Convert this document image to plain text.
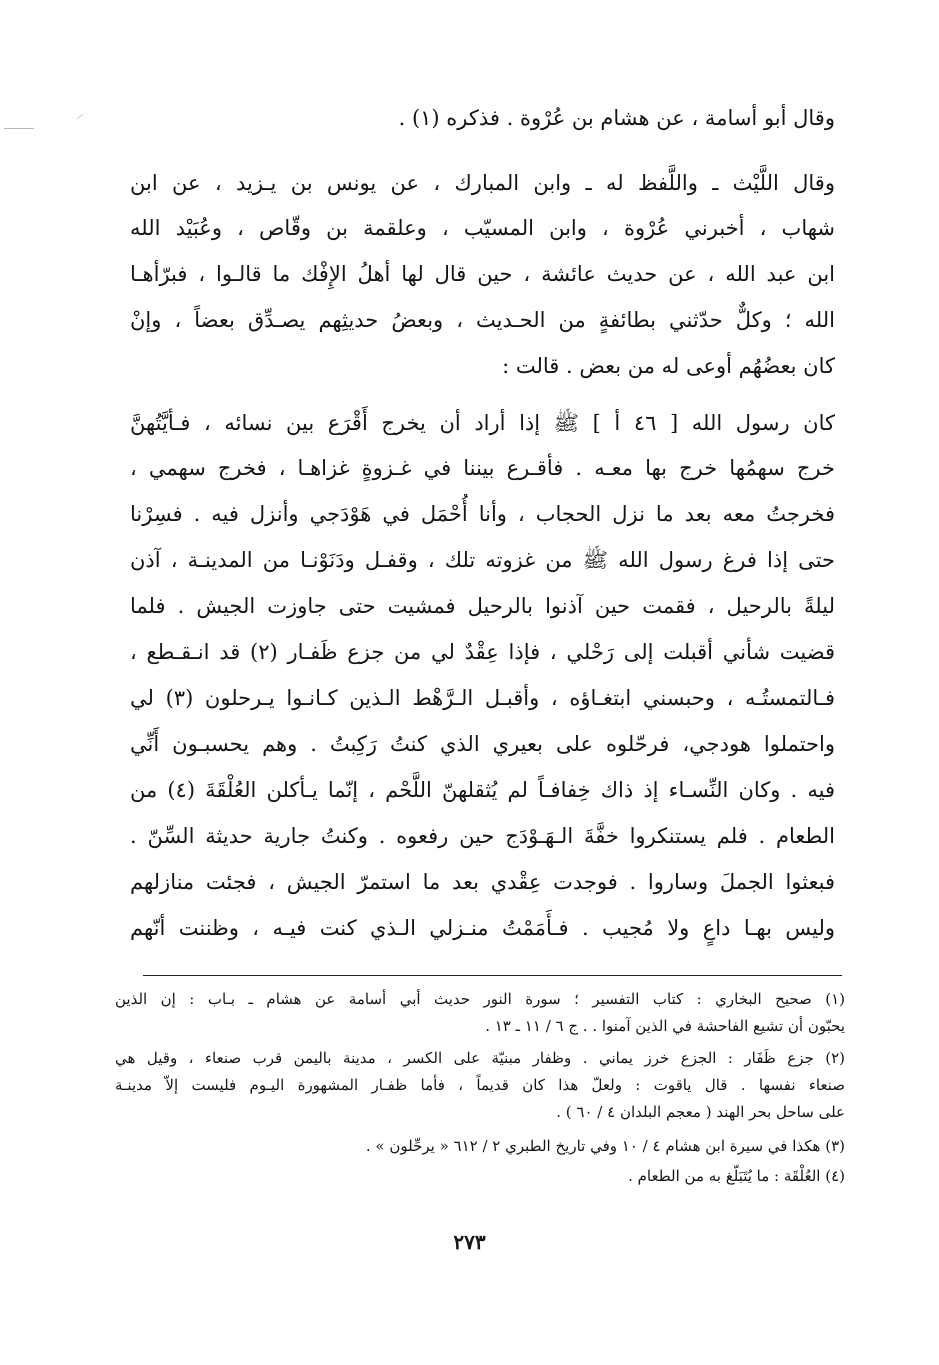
وقال أبو أسامة ، عن هشام بن عُرْوة . فذكره (١) .
وقال اللَّيْث ـ واللَّفظ له ـ وابن المبارك ، عن يونس بن يـزيد ، عن ابن
شهاب ، أخبرني عُرْوة ، وابن المسيّب ، وعلقمة بن وقّاص ، وعُبَيْد الله
ابن عبد الله ، عن حديث عائشة ، حين قال لها أهلُ الإِفْك ما قالـوا ، فبرّأهـا
الله ؛ وكلٌّ حدّثني بطائفةٍ من الحـديث ، وبعضُ حديثِهم يصـدِّق بعضاً ، وإنْ
كان بعضُهُم أوعى له من بعض . قالت :
كان رسول الله [ ٤٦ أ ] ﷺ إذا أراد أن يخرج أَقْرَع بين نسائه ، فـأيَّتُهنَّ
خرج سهمُها خرج بها معـه . فأقـرع بيننا في غـزوةٍ غزاهـا ، فخرج سهمي ،
فخرجتُ معه بعد ما نزل الحجاب ، وأنا أُحْمَل في هَوْدَجي وأنزل فيه . فسِرْنا
حتى إذا فرغ رسول الله ﷺ من غزوته تلك ، وقفـل ودَنَوْنـا من المدينـة ، آذن
ليلةً بالرحيل ، فقمت حين آذنوا بالرحيل فمشيت حتى جاوزت الجيش . فلما
قضيت شأني أقبلت إلى رَحْلي ، فإذا عِقْدٌ لي من جزع ظَفـار (٢) قد انـقـطع ،
فـالتمستُـه ، وحبسني ابتغـاؤه ، وأقبـل الـرَّهْط الـذين كـانـوا يـرحلون (٣) لي
واحتملوا هودجي، فرحّلوه على بعيري الذي كنتُ رَكِبتُ . وهم يحسبـون أَنِّي
فيه . وكان النِّسـاء إذ ذاك خِفافـاً لم يُثقلهنّ اللَّحْم ، إنّما يـأكلن العُلْقَةَ (٤) من
الطعام . فلم يستنكروا خفَّةَ الـهَـوْدَج حين رفعوه . وكنتُ جارية حديثة السِّنّ .
فبعثوا الجملَ وساروا . فوجدت عِقْدي بعد ما استمرّ الجيش ، فجئت منازلهم
وليس بهـا داعٍ ولا مُجيب . فـأَمَمْتُ منـزلي الـذي كنت فيـه ، وظننت أنّهم
(١) صحيح البخاري : كتاب التفسير ؛ سورة النور حديث أبي أسامة عن هشام ـ بـاب : إن الذين
يحبّون أن تشيع الفاحشة في الذين آمنوا . . ج ٦ / ١١ ـ ١٣ .
(٢) جزع ظَفَار : الجزع خرز يماني . وظفار مبنيّة على الكسر ، مدينة باليمن قرب صنعاء ، وقيل هي
صنعاء نفسها . قال ياقوت : ولعلّ هذا كان قديماً ، فأما ظفـار المشهورة اليـوم فليست إلاّ مدينـة
على ساحل بحر الهند ( معجم البلدان ٤ / ٦٠ ) .
(٣) هكذا في سيرة ابن هشام ٤ / ١٠ وفي تاريخ الطبري ٢ / ٦١٢ « يرحِّلون » .
(٤) العُلْقَة : ما يُتَبَلّغ به من الطعام .
٢٧٣
